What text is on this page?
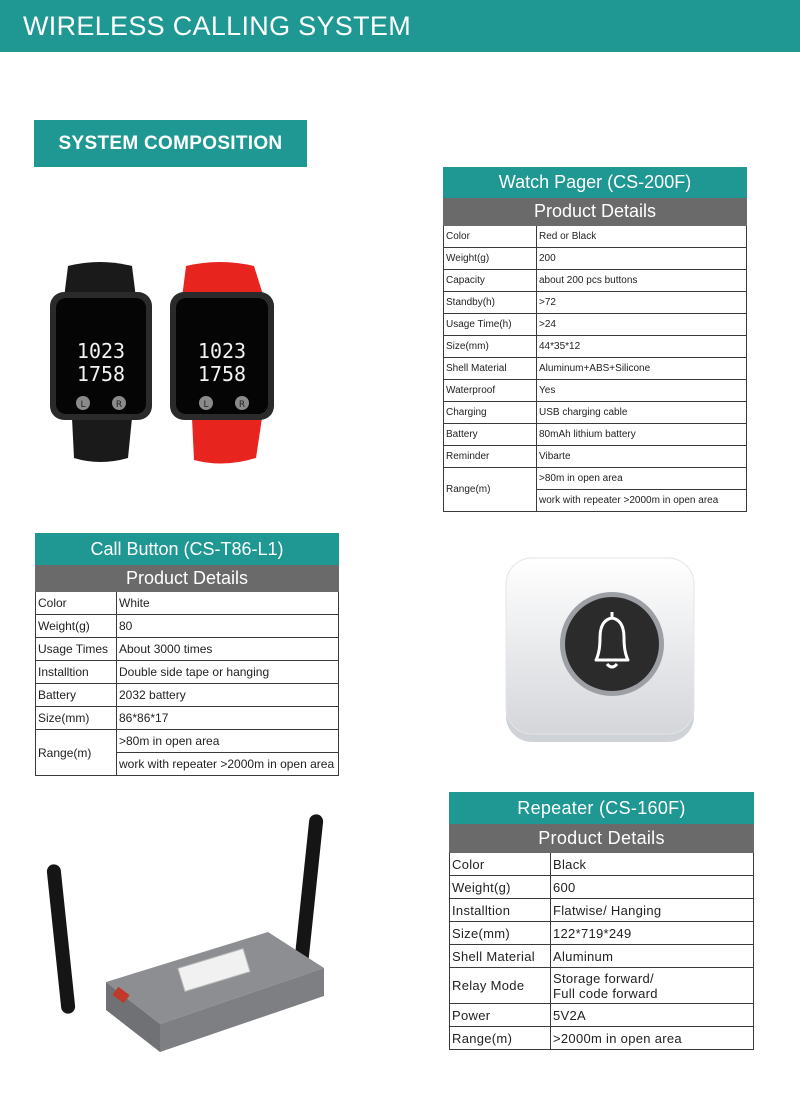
WIRELESS CALLING SYSTEM
SYSTEM COMPOSITION
1023
1758
L	R
1023
1758
L	R
Watch Pager (CS-200F)	
Product Details	
Color	Red or Black
Weight(g)	200
Capacity	about 200 pcs buttons
Standby(h)	>72
Usage Time(h)	>24
Size(mm)	44*35*12
Shell Material	Aluminum+ABS+Silicone
Waterproof	Yes
Charging	USB charging cable
Battery	80mAh lithium battery
Reminder	Vibarte
Range(m)	>80m in open area
	work with repeater >2000m in open area
Call Button (CS-T86-L1)	
Product Details	
Color	White
Weight(g)	80
Usage Times	About 3000 times
Installtion	Double side tape or hanging
Battery	2032 battery
Size(mm)	86*86*17
Range(m)	>80m in open area
	work with repeater >2000m in open area
Repeater (CS-160F)	
Product Details	
Color	Black
Weight(g)	600
Installtion	Flatwise/ Hanging
Size(mm)	122*719*249
Shell Material	Aluminum
Relay Mode	Storage forward/
Full code forward
Power	5V2A
Range(m)	>2000m in open area
